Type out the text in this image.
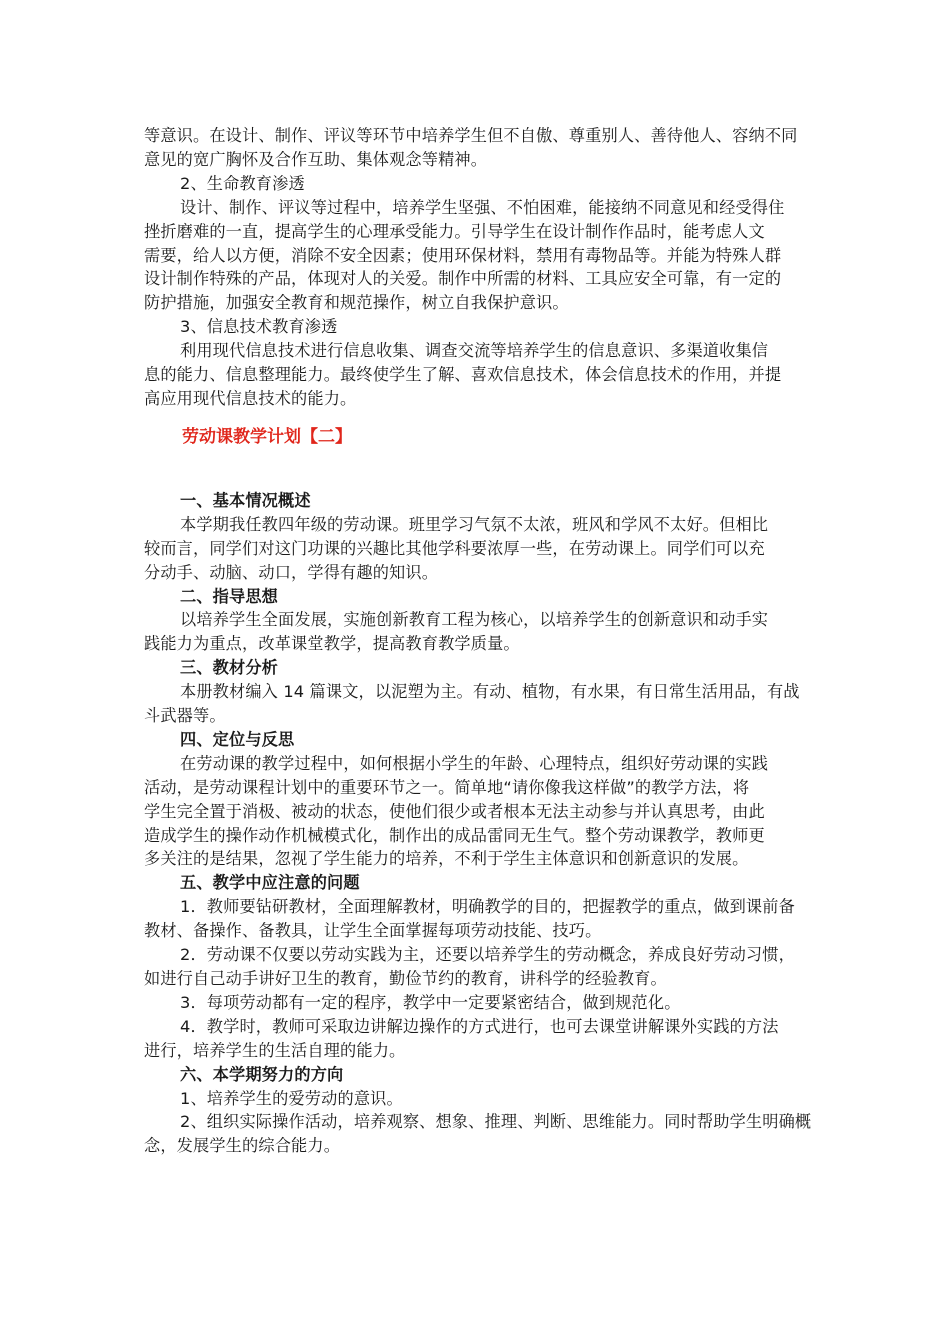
等意识。在设计、制作、评议等环节中培养学生但不自傲、尊重别人、善待他人、容纳不同
意见的宽广胸怀及合作互助、集体观念等精神。
2、生命教育渗透
设计、制作、评议等过程中，培养学生坚强、不怕困难，能接纳不同意见和经受得住
挫折磨难的一直，提高学生的心理承受能力。引导学生在设计制作作品时，能考虑人文
需要，给人以方便，消除不安全因素；使用环保材料，禁用有毒物品等。并能为特殊人群
设计制作特殊的产品，体现对人的关爱。制作中所需的材料、工具应安全可靠，有一定的
防护措施，加强安全教育和规范操作，树立自我保护意识。
3、信息技术教育渗透
利用现代信息技术进行信息收集、调查交流等培养学生的信息意识、多渠道收集信
息的能力、信息整理能力。最终使学生了解、喜欢信息技术，体会信息技术的作用，并提
高应用现代信息技术的能力。
劳动课教学计划【二】
一、基本情况概述
本学期我任教四年级的劳动课。班里学习气氛不太浓，班风和学风不太好。但相比
较而言，同学们对这门功课的兴趣比其他学科要浓厚一些，在劳动课上。同学们可以充
分动手、动脑、动口，学得有趣的知识。
二、指导思想
以培养学生全面发展，实施创新教育工程为核心，以培养学生的创新意识和动手实
践能力为重点，改革课堂教学，提高教育教学质量。
三、教材分析
本册教材编入 14 篇课文，以泥塑为主。有动、植物，有水果，有日常生活用品，有战
斗武器等。
四、定位与反思
在劳动课的教学过程中，如何根据小学生的年龄、心理特点，组织好劳动课的实践
活动，是劳动课程计划中的重要环节之一。简单地“请你像我这样做”的教学方法，将
学生完全置于消极、被动的状态，使他们很少或者根本无法主动参与并认真思考，由此
造成学生的操作动作机械模式化，制作出的成品雷同无生气。整个劳动课教学，教师更
多关注的是结果，忽视了学生能力的培养，不利于学生主体意识和创新意识的发展。
五、教学中应注意的问题
1．教师要钻研教材，全面理解教材，明确教学的目的，把握教学的重点，做到课前备
教材、备操作、备教具，让学生全面掌握每项劳动技能、技巧。
2．劳动课不仅要以劳动实践为主，还要以培养学生的劳动概念，养成良好劳动习惯，
如进行自己动手讲好卫生的教育，勤俭节约的教育，讲科学的经验教育。
3．每项劳动都有一定的程序，教学中一定要紧密结合，做到规范化。
4．教学时，教师可采取边讲解边操作的方式进行，也可去课堂讲解课外实践的方法
进行，培养学生的生活自理的能力。
六、本学期努力的方向
1、培养学生的爱劳动的意识。
2、组织实际操作活动，培养观察、想象、推理、判断、思维能力。同时帮助学生明确概
念，发展学生的综合能力。
